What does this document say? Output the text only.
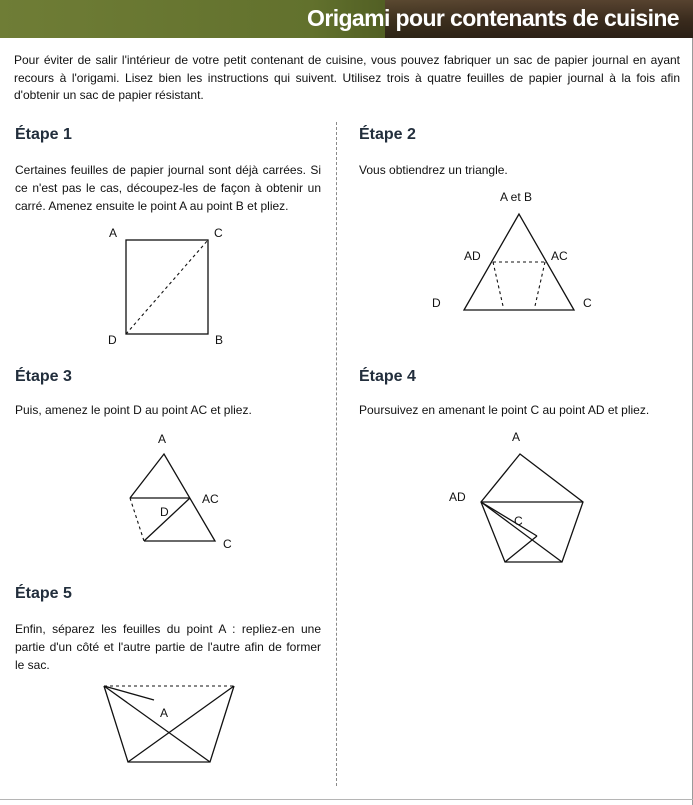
Origami pour contenants de cuisine

Pour éviter de salir l'intérieur de votre petit contenant de cuisine, vous pouvez fabriquer un sac de papier journal en ayant recours à l'origami. Lisez bien les instructions qui suivent. Utilisez trois à quatre feuilles de papier journal à la fois afin d'obtenir un sac de papier résistant.

Étape 1

Certaines feuilles de papier journal sont déjà carrées. Si ce n'est pas le cas, découpez-les de façon à obtenir un carré. Amenez ensuite le point A au point B et pliez.

A	C
D	B
Étape 2

Vous obtiendrez un triangle.

A et B
AD	AC
D	C
Étape 3

Puis, amenez le point D au point AC et pliez.

A
AC
D
C
Étape 4

Poursuivez en amenant le point C au point AD et pliez.

A
AD
C
Étape 5

Enfin, séparez les feuilles du point A : repliez-en une partie d'un côté et l'autre partie de l'autre afin de former le sac.

A
